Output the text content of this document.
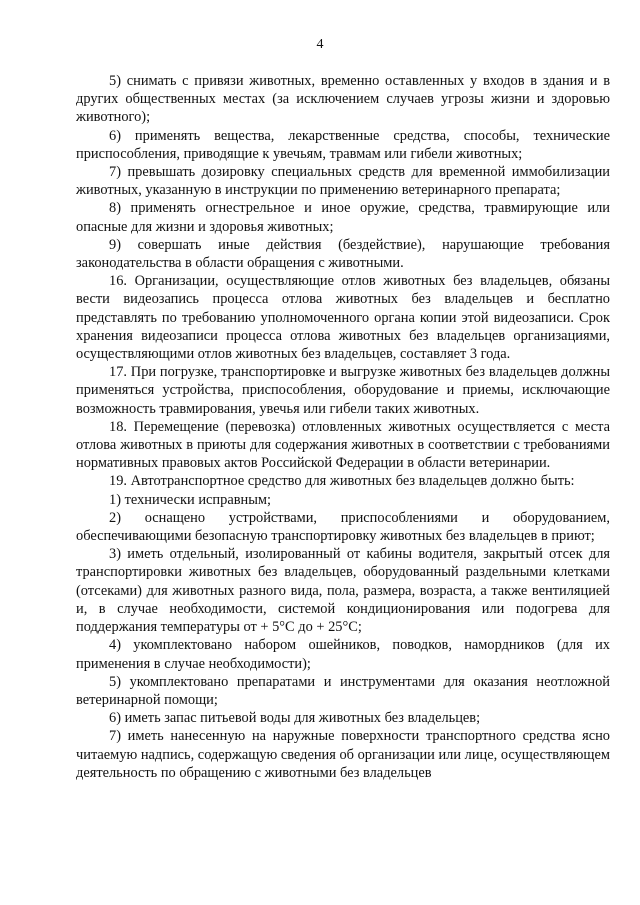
4

5) снимать с привязи животных, временно оставленных у входов в здания и в других общественных местах (за исключением случаев угрозы жизни и здоровью животного);

6) применять вещества, лекарственные средства, способы, технические приспособления, приводящие к увечьям, травмам или гибели животных;

7) превышать дозировку специальных средств для временной иммобилизации животных, указанную в инструкции по применению ветеринарного препарата;

8) применять огнестрельное и иное оружие, средства, травмирующие или опасные для жизни и здоровья животных;

9) совершать иные действия (бездействие), нарушающие требования законодательства в области обращения с животными.

16. Организации, осуществляющие отлов животных без владельцев, обязаны вести видеозапись процесса отлова животных без владельцев и бесплатно представлять по требованию уполномоченного органа копии этой видеозаписи. Срок хранения видеозаписи процесса отлова животных без владельцев организациями, осуществляющими отлов животных без владельцев, составляет 3 года.

17. При погрузке, транспортировке и выгрузке животных без владельцев должны применяться устройства, приспособления, оборудование и приемы, исключающие возможность травмирования, увечья или гибели таких животных.

18. Перемещение (перевозка) отловленных животных осуществляется с места отлова животных в приюты для содержания животных в соответствии с требованиями нормативных правовых актов Российской Федерации в области ветеринарии.

19. Автотранспортное средство для животных без владельцев должно быть:

1) технически исправным;

2) оснащено устройствами, приспособлениями и оборудованием, обеспечивающими безопасную транспортировку животных без владельцев в приют;

3) иметь отдельный, изолированный от кабины водителя, закрытый отсек для транспортировки животных без владельцев, оборудованный раздельными клетками (отсеками) для животных разного вида, пола, размера, возраста, а также вентиляцией и, в случае необходимости, системой кондиционирования или подогрева для поддержания температуры от + 5°С до + 25°С;

4) укомплектовано набором ошейников, поводков, намордников (для их применения в случае необходимости);

5) укомплектовано препаратами и инструментами для оказания неотложной ветеринарной помощи;

6) иметь запас питьевой воды для животных без владельцев;

7) иметь нанесенную на наружные поверхности транспортного средства ясно читаемую надпись, содержащую сведения об организации или лице, осуществляющем деятельность по обращению с животными без владельцев
